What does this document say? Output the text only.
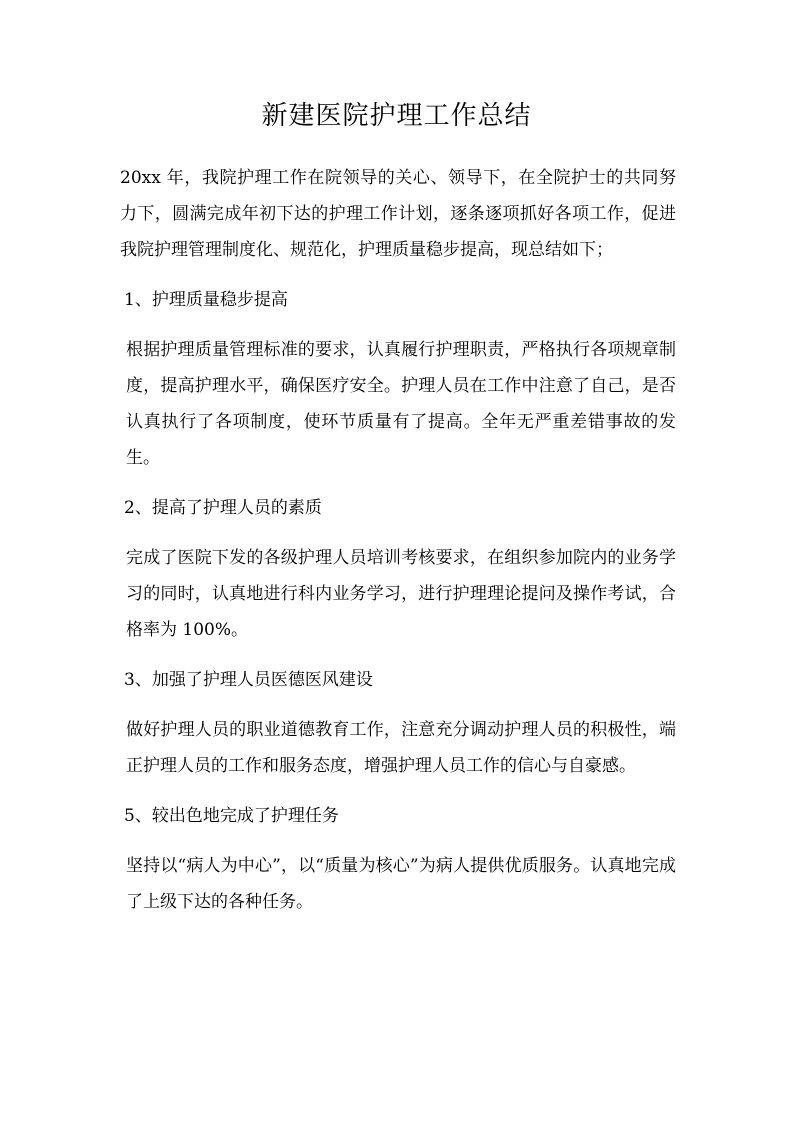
新建医院护理工作总结

20xx 年，我院护理工作在院领导的关心、领导下，在全院护士的共同努力下，圆满完成年初下达的护理工作计划，逐条逐项抓好各项工作，促进我院护理管理制度化、规范化，护理质量稳步提高，现总结如下；

1、护理质量稳步提高

根据护理质量管理标准的要求，认真履行护理职责，严格执行各项规章制度，提高护理水平，确保医疗安全。护理人员在工作中注意了自己，是否认真执行了各项制度，使环节质量有了提高。全年无严重差错事故的发生。

2、提高了护理人员的素质

完成了医院下发的各级护理人员培训考核要求，在组织参加院内的业务学习的同时，认真地进行科内业务学习，进行护理理论提问及操作考试，合格率为 100%。

3、加强了护理人员医德医风建设

做好护理人员的职业道德教育工作，注意充分调动护理人员的积极性，端正护理人员的工作和服务态度，增强护理人员工作的信心与自豪感。

5、较出色地完成了护理任务

坚持以“病人为中心”，以“质量为核心”为病人提供优质服务。认真地完成了上级下达的各种任务。
